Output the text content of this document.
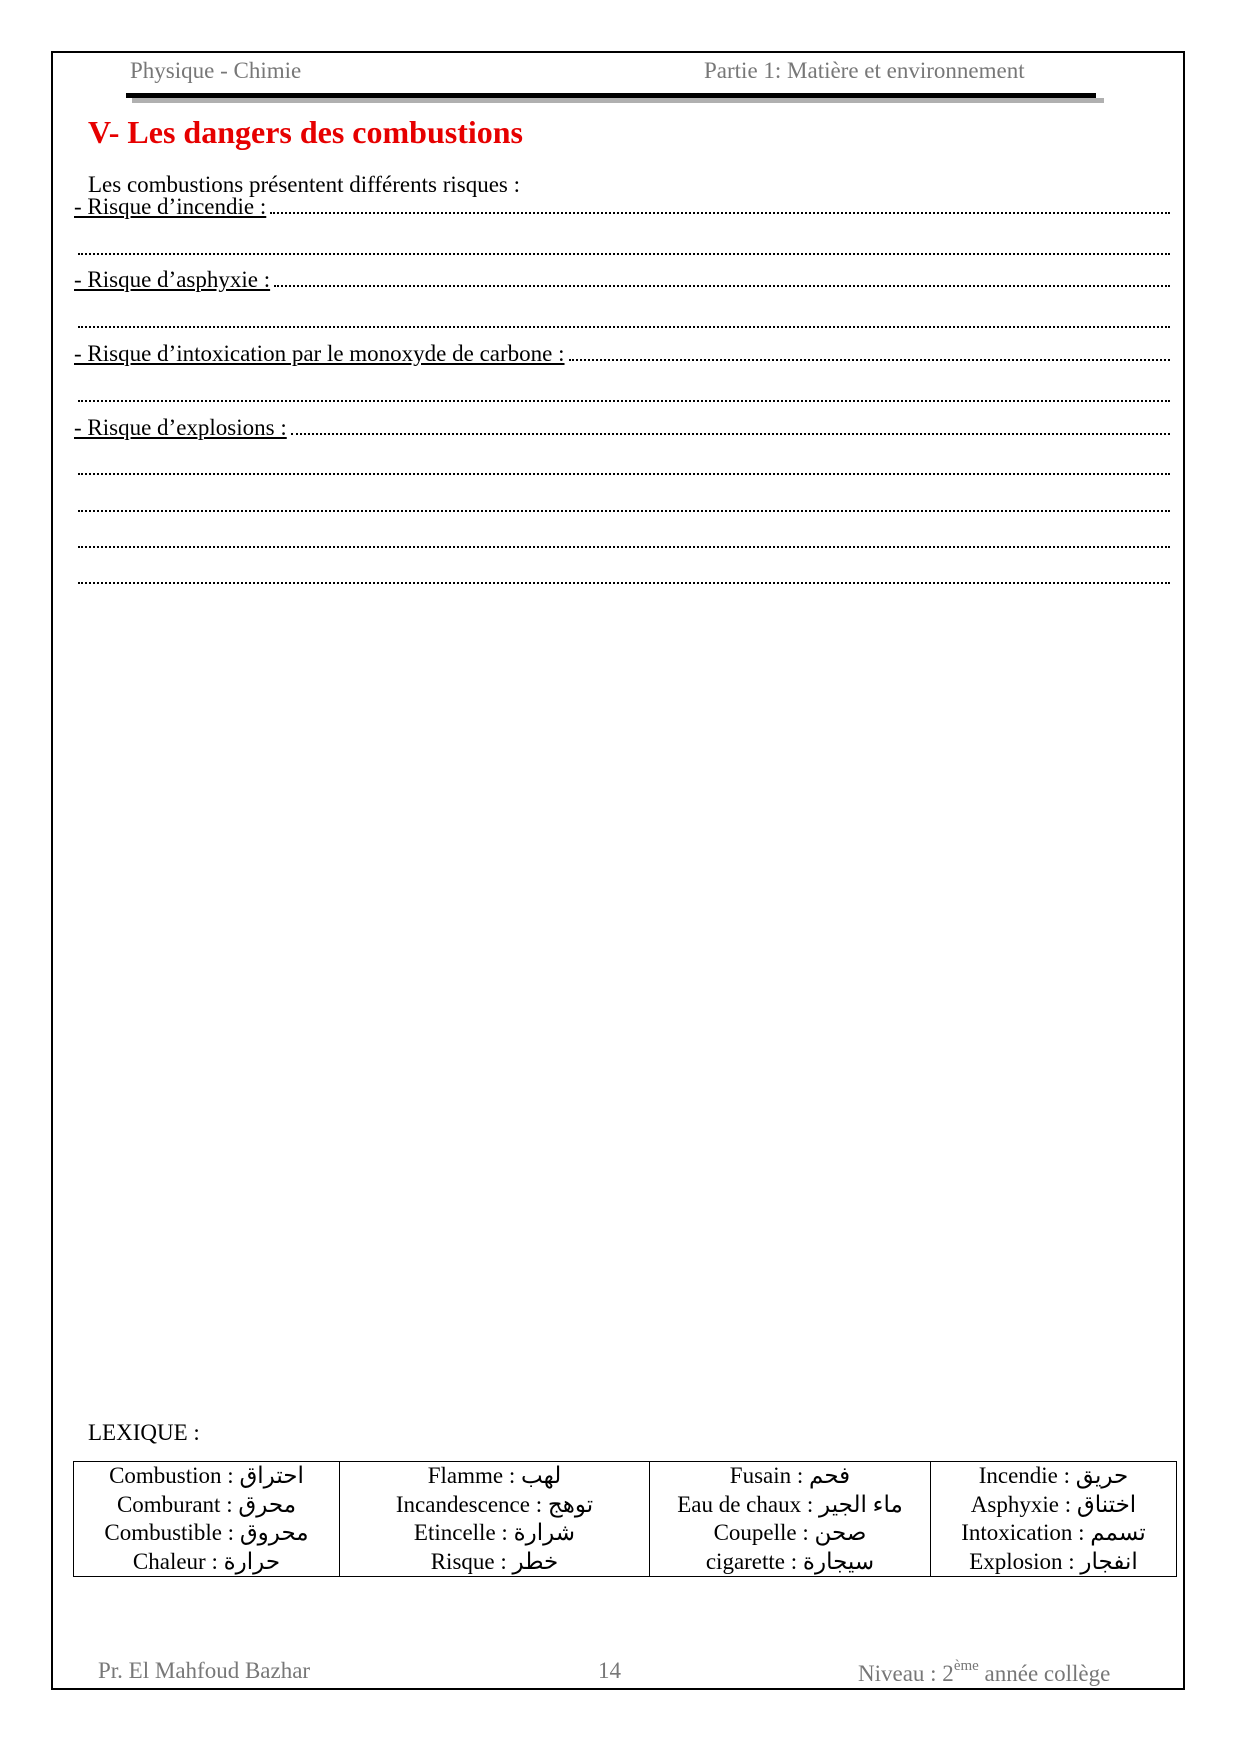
Physique - Chimie	Partie 1: Matière et environnement
V- Les dangers des combustions
Les combustions présentent différents risques :
- Risque d’incendie :
- Risque d’asphyxie :
- Risque d’intoxication par le monoxyde de carbone :
- Risque d’explosions :
LEXIQUE :
Combustion : احتراق
Comburant : محرق
Combustible : محروق
Chaleur : حرارة

Flamme : لهب
Incandescence : توهج
Etincelle : شرارة
Risque : خطر

Fusain : فحم
Eau de chaux : ماء الجير
Coupelle : صحن
cigarette : سيجارة

Incendie : حريق
Asphyxie : اختناق
Intoxication : تسمم
Explosion : انفجار
Pr. El Mahfoud Bazhar	14	Niveau : 2ème année collège
